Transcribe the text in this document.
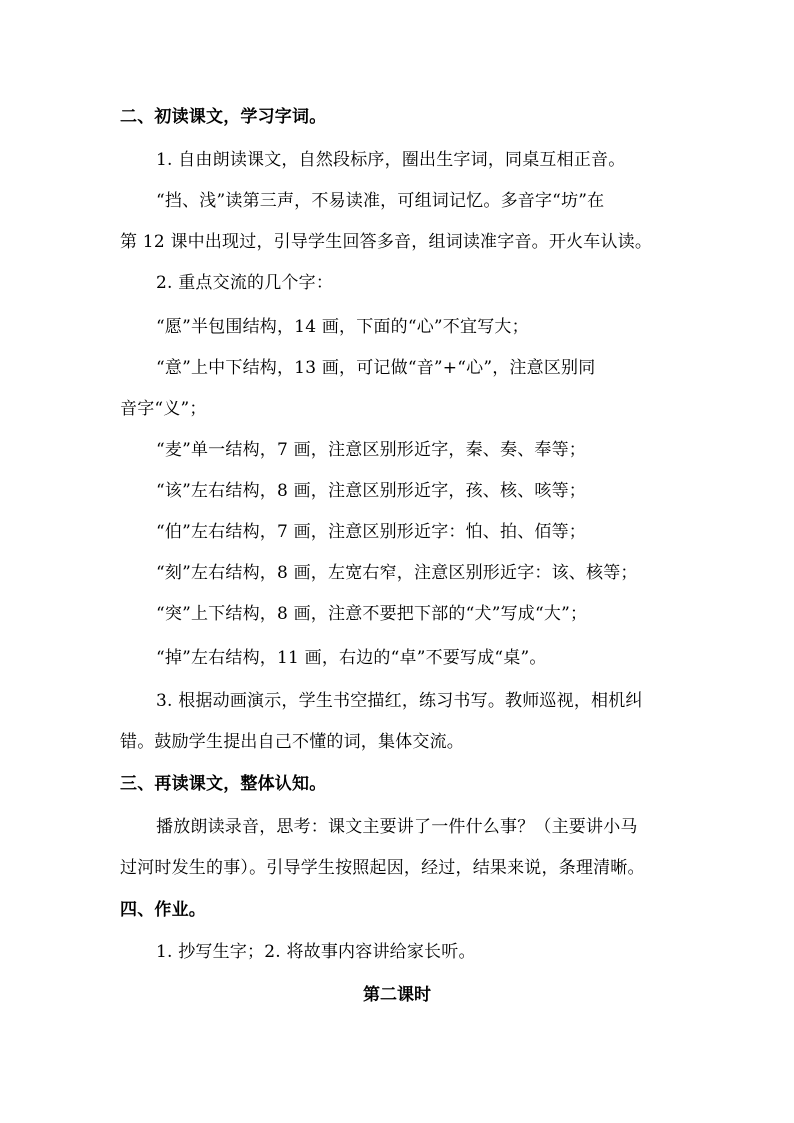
二、初读课文，学习字词。
1. 自由朗读课文，自然段标序，圈出生字词，同桌互相正音。
“挡、浅”读第三声，不易读准，可组词记忆。多音字“坊”在
第 12 课中出现过，引导学生回答多音，组词读准字音。开火车认读。
2. 重点交流的几个字：
“愿”半包围结构，14 画，下面的“心”不宜写大；
“意”上中下结构，13 画，可记做“音”+“心”，注意区别同
音字“义”；
“麦”单一结构，7 画，注意区别形近字，秦、奏、奉等；
“该”左右结构，8 画，注意区别形近字，孩、核、咳等；
“伯”左右结构，7 画，注意区别形近字：怕、拍、佰等；
“刻”左右结构，8 画，左宽右窄，注意区别形近字：该、核等；
“突”上下结构，8 画，注意不要把下部的“犬”写成“大”；
“掉”左右结构，11 画，右边的“卓”不要写成“桌”。
3. 根据动画演示，学生书空描红，练习书写。教师巡视，相机纠
错。鼓励学生提出自己不懂的词，集体交流。
三、再读课文，整体认知。
播放朗读录音，思考：课文主要讲了一件什么事？（主要讲小马
过河时发生的事）。引导学生按照起因，经过，结果来说，条理清晰。
四、作业。
1. 抄写生字；2. 将故事内容讲给家长听。
第二课时
